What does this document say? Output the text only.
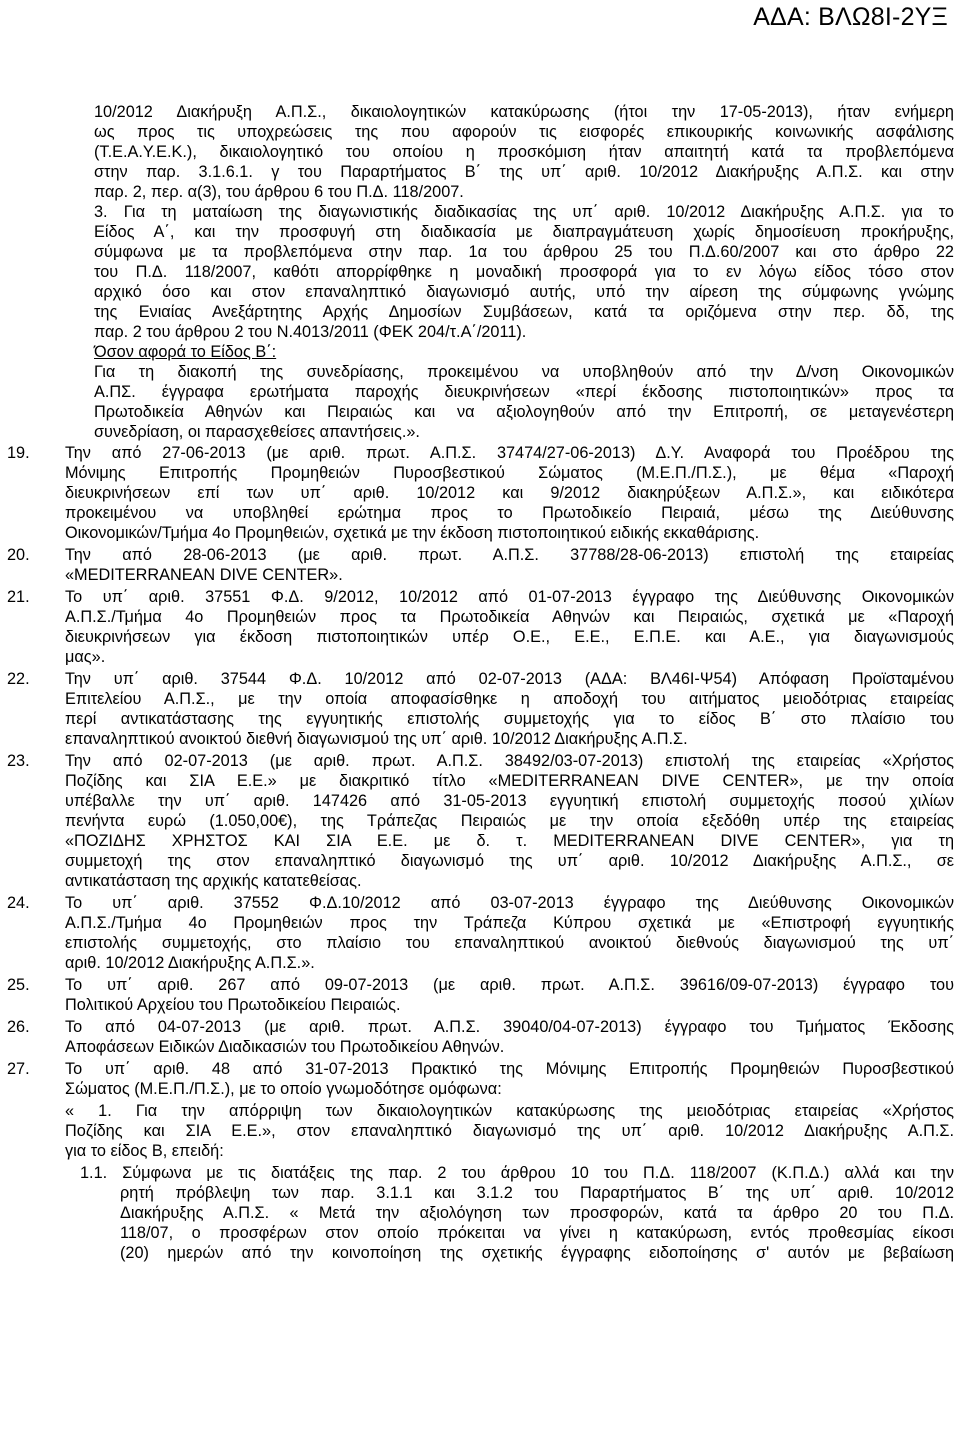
ΑΔΑ: ΒΛΩ8Ι-2ΥΞ
10/2012 Διακήρυξη Α.Π.Σ., δικαιολογητικών κατακύρωσης (ήτοι την 17-05-2013), ήταν ενήμερη
ως προς τις υποχρεώσεις της που αφορούν τις εισφορές επικουρικής κοινωνικής ασφάλισης
(Τ.Ε.Α.Υ.Ε.Κ.), δικαιολογητικό του οποίου η προσκόμιση ήταν απαιτητή κατά τα προβλεπόμενα
στην παρ. 3.1.6.1. γ του Παραρτήματος Β΄ της υπ΄ αριθ. 10/2012 Διακήρυξης Α.Π.Σ. και στην
παρ. 2, περ. α(3), του άρθρου 6 του Π.Δ. 118/2007.
3. Για τη ματαίωση της διαγωνιστικής διαδικασίας της υπ΄ αριθ. 10/2012 Διακήρυξης Α.Π.Σ. για το
Είδος Α΄, και την προσφυγή στη διαδικασία με διαπραγμάτευση χωρίς δημοσίευση προκήρυξης,
σύμφωνα με τα προβλεπόμενα στην παρ. 1α του άρθρου 25 του Π.Δ.60/2007 και στο άρθρο 22
του Π.Δ. 118/2007, καθότι απορρίφθηκε η μοναδική προσφορά για το εν λόγω είδος τόσο στον
αρχικό όσο και στον επαναληπτικό διαγωνισμό αυτής, υπό την αίρεση της σύμφωνης γνώμης
της Ενιαίας Ανεξάρτητης Αρχής Δημοσίων Συμβάσεων, κατά τα οριζόμενα στην περ. δδ, της
παρ. 2 του άρθρου 2 του Ν.4013/2011 (ΦΕΚ 204/τ.Α΄/2011).
Όσον αφορά το Είδος Β΄:
Για τη διακοπή της συνεδρίασης, προκειμένου να υποβληθούν από την Δ/νση Οικονομικών
Α.ΠΣ. έγγραφα ερωτήματα παροχής διευκρινήσεων «περί έκδοσης πιστοποιητικών» προς τα
Πρωτοδικεία Αθηνών και Πειραιώς και να αξιολογηθούν από την Επιτροπή, σε μεταγενέστερη
συνεδρίαση, οι παρασχεθείσες απαντήσεις.».
19. Την από 27-06-2013 (με αριθ. πρωτ. Α.Π.Σ. 37474/27-06-2013) Δ.Υ. Αναφορά του Προέδρου της
Μόνιμης Επιτροπής Προμηθειών Πυροσβεστικού Σώματος (Μ.Ε.Π./Π.Σ.), με θέμα «Παροχή
διευκρινήσεων επί των υπ΄ αριθ. 10/2012 και 9/2012 διακηρύξεων Α.Π.Σ.», και ειδικότερα
προκειμένου να υποβληθεί ερώτημα προς το Πρωτοδικείο Πειραιά, μέσω της Διεύθυνσης
Οικονομικών/Τμήμα 4ο Προμηθειών, σχετικά με την έκδοση πιστοποιητικού ειδικής εκκαθάρισης.
20. Την από 28-06-2013 (με αριθ. πρωτ. Α.Π.Σ. 37788/28-06-2013) επιστολή της εταιρείας
«MEDITERRANEAN DIVE CENTER».
21. Το υπ΄ αριθ. 37551 Φ.Δ. 9/2012, 10/2012 από 01-07-2013 έγγραφο της Διεύθυνσης Οικονομικών
Α.Π.Σ./Τμήμα 4ο Προμηθειών προς τα Πρωτοδικεία Αθηνών και Πειραιώς, σχετικά με «Παροχή
διευκρινήσεων για έκδοση πιστοποιητικών υπέρ Ο.Ε., Ε.Ε., Ε.Π.Ε. και Α.Ε., για διαγωνισμούς
μας».
22. Την υπ΄ αριθ. 37544 Φ.Δ. 10/2012 από 02-07-2013 (ΑΔΑ: ΒΛ46Ι-Ψ54) Απόφαση Προϊσταμένου
Επιτελείου Α.Π.Σ., με την οποία αποφασίσθηκε η αποδοχή του αιτήματος μειοδότριας εταιρείας
περί αντικατάστασης της εγγυητικής επιστολής συμμετοχής για το είδος Β΄ στο πλαίσιο του
επαναληπτικού ανοικτού διεθνή διαγωνισμού της υπ΄ αριθ. 10/2012 Διακήρυξης Α.Π.Σ.
23. Την από 02-07-2013 (με αριθ. πρωτ. Α.Π.Σ. 38492/03-07-2013) επιστολή της εταιρείας «Χρήστος
Ποζίδης και ΣΙΑ Ε.Ε.» με διακριτικό τίτλο «MEDITERRANEAN DIVE CENTER», με την οποία
υπέβαλλε την υπ΄ αριθ. 147426 από 31-05-2013 εγγυητική επιστολή συμμετοχής ποσού χιλίων
πενήντα ευρώ (1.050,00€), της Τράπεζας Πειραιώς με την οποία εξεδόθη υπέρ της εταιρείας
«ΠΟΖΙΔΗΣ ΧΡΗΣΤΟΣ ΚΑΙ ΣΙΑ Ε.Ε. με δ. τ. MEDITERRANEAN DIVE CENTER», για τη
συμμετοχή της στον επαναληπτικό διαγωνισμό της υπ΄ αριθ. 10/2012 Διακήρυξης Α.Π.Σ., σε
αντικατάσταση της αρχικής κατατεθείσας.
24. Το υπ΄ αριθ. 37552 Φ.Δ.10/2012 από 03-07-2013 έγγραφο της Διεύθυνσης Οικονομικών
Α.Π.Σ./Τμήμα 4ο Προμηθειών προς την Τράπεζα Κύπρου σχετικά με «Επιστροφή εγγυητικής
επιστολής συμμετοχής, στο πλαίσιο του επαναληπτικού ανοικτού διεθνούς διαγωνισμού της υπ΄
αριθ. 10/2012 Διακήρυξης Α.Π.Σ.».
25. Το υπ΄ αριθ. 267 από 09-07-2013 (με αριθ. πρωτ. Α.Π.Σ. 39616/09-07-2013) έγγραφο του
Πολιτικού Αρχείου του Πρωτοδικείου Πειραιώς.
26. Το από 04-07-2013 (με αριθ. πρωτ. Α.Π.Σ. 39040/04-07-2013) έγγραφο του Τμήματος Έκδοσης
Αποφάσεων Ειδικών Διαδικασιών του Πρωτοδικείου Αθηνών.
27. Το υπ΄ αριθ. 48 από 31-07-2013 Πρακτικό της Μόνιμης Επιτροπής Προμηθειών Πυροσβεστικού
Σώματος (Μ.Ε.Π./Π.Σ.), με το οποίο γνωμοδότησε ομόφωνα:
« 1. Για την απόρριψη των δικαιολογητικών κατακύρωσης της μειοδότριας εταιρείας «Χρήστος
Ποζίδης και ΣΙΑ Ε.Ε.», στον επαναληπτικό διαγωνισμό της υπ΄ αριθ. 10/2012 Διακήρυξης Α.Π.Σ.
για το είδος Β, επειδή:
1.1. Σύμφωνα με τις διατάξεις της παρ. 2 του άρθρου 10 του Π.Δ. 118/2007 (Κ.Π.Δ.) αλλά και την
ρητή πρόβλεψη των παρ. 3.1.1 και 3.1.2 του Παραρτήματος Β΄ της υπ΄ αριθ. 10/2012
Διακήρυξης Α.Π.Σ. « Μετά την αξιολόγηση των προσφορών, κατά τα άρθρο 20 του Π.Δ.
118/07, ο προσφέρων στον οποίο πρόκειται να γίνει η κατακύρωση, εντός προθεσμίας είκοσι
(20) ημερών από την κοινοποίηση της σχετικής έγγραφης ειδοποίησης σ' αυτόν με βεβαίωση
